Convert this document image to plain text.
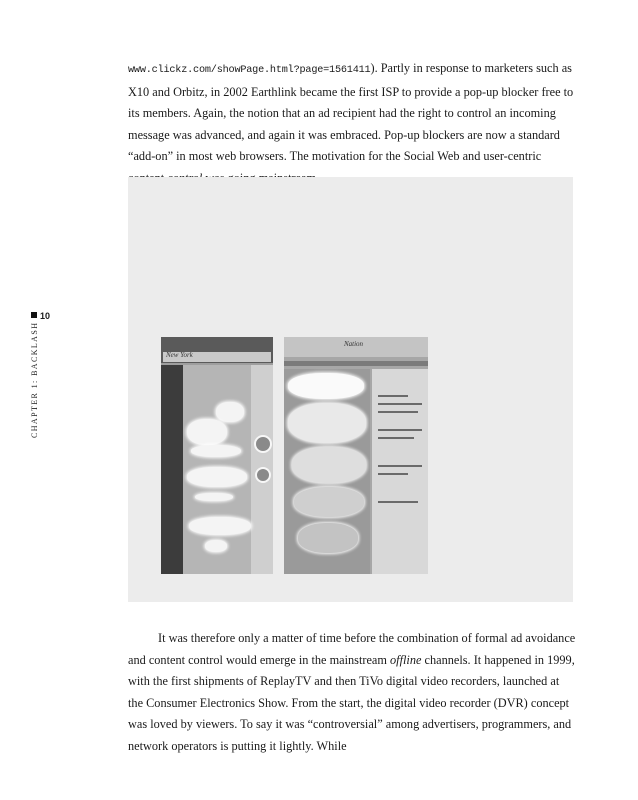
www.clickz.com/showPage.html?page=1561411). Partly in response to marketers such as X10 and Orbitz, in 2002 Earthlink became the first ISP to provide a pop-up blocker free to its members. Again, the notion that an ad recipient had the right to control an incoming message was advanced, and again it was embraced. Pop-up blockers are now a standard “add-on” in most web browsers. The motivation for the Social Web and user-centric

10
CHAPTER 1: BACKLASH	New York
Nation

It was therefore only a matter of time before the combination of formal ad avoidance and content control would emerge in the mainstream offline channels. It happened in 1999, with the first shipments of ReplayTV and then TiVo digital video recorders, launched at the Consumer Electronics Show. From the start, the digital video recorder (DVR) concept was loved by viewers. To say it was “controversial” among advertisers, programmers, and network operators is putting it lightly. While
